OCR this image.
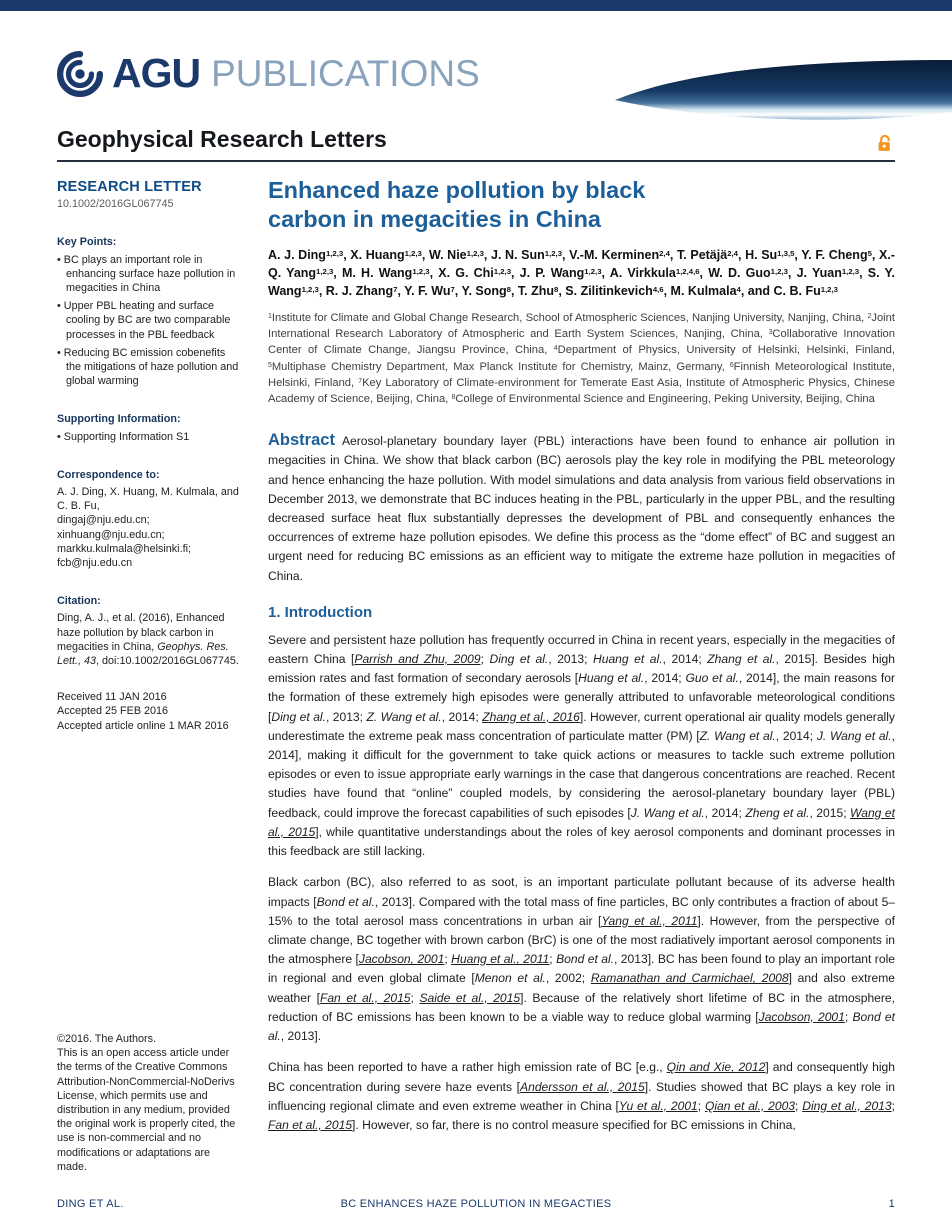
AGU PUBLICATIONS
Geophysical Research Letters
RESEARCH LETTER
10.1002/2016GL067745
Key Points:
• BC plays an important role in enhancing surface haze pollution in megacities in China
• Upper PBL heating and surface cooling by BC are two comparable processes in the PBL feedback
• Reducing BC emission cobenefits the mitigations of haze pollution and global warming
Supporting Information:
• Supporting Information S1
Correspondence to:
A. J. Ding, X. Huang, M. Kulmala, and C. B. Fu,
dingaj@nju.edu.cn;
xinhuang@nju.edu.cn;
markku.kulmala@helsinki.fi;
fcb@nju.edu.cn
Citation:
Ding, A. J., et al. (2016), Enhanced haze pollution by black carbon in megacities in China, Geophys. Res. Lett., 43, doi:10.1002/2016GL067745.
Received 11 JAN 2016
Accepted 25 FEB 2016
Accepted article online 1 MAR 2016
©2016. The Authors.
This is an open access article under the terms of the Creative Commons Attribution-NonCommercial-NoDerivs License, which permits use and distribution in any medium, provided the original work is properly cited, the use is non-commercial and no modifications or adaptations are made.
Enhanced haze pollution by black carbon in megacities in China
A. J. Ding$^{1,2,3}$, X. Huang$^{1,2,3}$, W. Nie$^{1,2,3}$, J. N. Sun$^{1,2,3}$, V.-M. Kerminen$^{2,4}$, T. Petäjä$^{2,4}$, H. Su$^{1,3,5}$, Y. F. Cheng$^5$, X.-Q. Yang$^{1,2,3}$, M. H. Wang$^{1,2,3}$, X. G. Chi$^{1,2,3}$, J. P. Wang$^{1,2,3}$, A. Virkkula$^{1,2,4,6}$, W. D. Guo$^{1,2,3}$, J. Yuan$^{1,2,3}$, S. Y. Wang$^{1,2,3}$, R. J. Zhang$^7$, Y. F. Wu$^7$, Y. Song$^8$, T. Zhu$^8$, S. Zilitinkevich$^{4,6}$, M. Kulmala$^4$, and C. B. Fu$^{1,2,3}$
$^1$Institute for Climate and Global Change Research, School of Atmospheric Sciences, Nanjing University, Nanjing, China, $^2$Joint International Research Laboratory of Atmospheric and Earth System Sciences, Nanjing, China, $^3$Collaborative Innovation Center of Climate Change, Jiangsu Province, China, $^4$Department of Physics, University of Helsinki, Helsinki, Finland, $^5$Multiphase Chemistry Department, Max Planck Institute for Chemistry, Mainz, Germany, $^6$Finnish Meteorological Institute, Helsinki, Finland, $^7$Key Laboratory of Climate-environment for Temerate East Asia, Institute of Atmospheric Physics, Chinese Academy of Science, Beijing, China, $^8$College of Environmental Science and Engineering, Peking University, Beijing, China

Abstract Aerosol-planetary boundary layer (PBL) interactions have been found to enhance air pollution in megacities in China. We show that black carbon (BC) aerosols play the key role in modifying the PBL meteorology and hence enhancing the haze pollution. With model simulations and data analysis from various field observations in December 2013, we demonstrate that BC induces heating in the PBL, particularly in the upper PBL, and the resulting decreased surface heat flux substantially depresses the development of PBL and consequently enhances the occurrences of extreme haze pollution episodes. We define this process as the “dome effect” of BC and suggest an urgent need for reducing BC emissions as an efficient way to mitigate the extreme haze pollution in megacities of China.

1. Introduction

Severe and persistent haze pollution has frequently occurred in China in recent years, especially in the megacities of eastern China [Parrish and Zhu, 2009; Ding et al., 2013; Huang et al., 2014; Zhang et al., 2015]. Besides high emission rates and fast formation of secondary aerosols [Huang et al., 2014; Guo et al., 2014], the main reasons for the formation of these extremely high episodes were generally attributed to unfavorable meteorological conditions [Ding et al., 2013; Z. Wang et al., 2014; Zhang et al., 2016]. However, current operational air quality models generally underestimate the extreme peak mass concentration of particulate matter (PM) [Z. Wang et al., 2014; J. Wang et al., 2014], making it difficult for the government to take quick actions or measures to tackle such extreme pollution episodes or even to issue appropriate early warnings in the case that dangerous concentrations are reached. Recent studies have found that “online” coupled models, by considering the aerosol-planetary boundary layer (PBL) feedback, could improve the forecast capabilities of such episodes [J. Wang et al., 2014; Zheng et al., 2015; Wang et al., 2015], while quantitative understandings about the roles of key aerosol components and dominant processes in this feedback are still lacking.

Black carbon (BC), also referred to as soot, is an important particulate pollutant because of its adverse health impacts [Bond et al., 2013]. Compared with the total mass of fine particles, BC only contributes a fraction of about 5–15% to the total aerosol mass concentrations in urban air [Yang et al., 2011]. However, from the perspective of climate change, BC together with brown carbon (BrC) is one of the most radiatively important aerosol components in the atmosphere [Jacobson, 2001; Huang et al., 2011; Bond et al., 2013]. BC has been found to play an important role in regional and even global climate [Menon et al., 2002; Ramanathan and Carmichael, 2008] and also extreme weather [Fan et al., 2015; Saide et al., 2015]. Because of the relatively short lifetime of BC in the atmosphere, reduction of BC emissions has been known to be a viable way to reduce global warming [Jacobson, 2001; Bond et al., 2013].

China has been reported to have a rather high emission rate of BC [e.g., Qin and Xie, 2012] and consequently high BC concentration during severe haze events [Andersson et al., 2015]. Studies showed that BC plays a key role in influencing regional climate and even extreme weather in China [Yu et al., 2001; Qian et al., 2003; Ding et al., 2013; Fan et al., 2015]. However, so far, there is no control measure specified for BC emissions in China,

DING ET AL.	BC ENHANCES HAZE POLLUTION IN MEGACTIES	1
